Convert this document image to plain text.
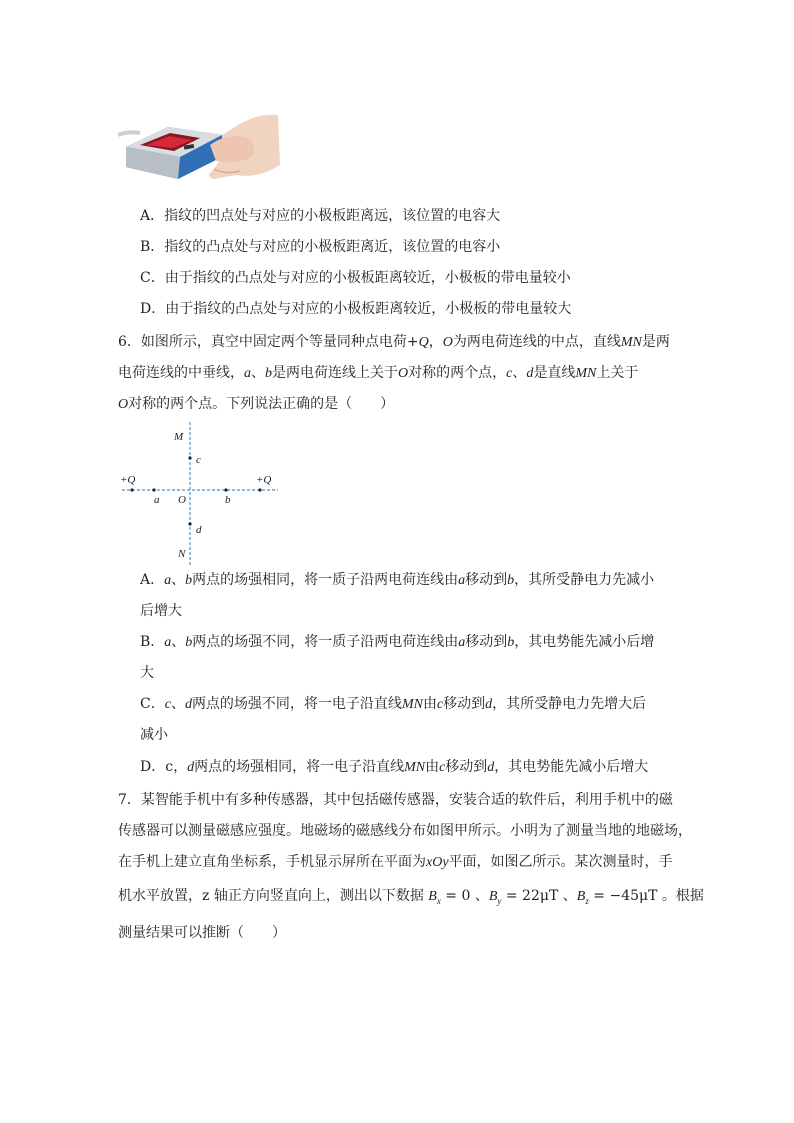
A．指纹的凹点处与对应的小极板距离远，该位置的电容大
B．指纹的凸点处与对应的小极板距离近，该位置的电容小
C．由于指纹的凸点处与对应的小极板距离较近，小极板的带电量较小
D．由于指纹的凸点处与对应的小极板距离较近，小极板的带电量较大
6．如图所示，真空中固定两个等量同种点电荷+Q，O为两电荷连线的中点，直线MN是两
电荷连线的中垂线，a、b是两电荷连线上关于O对称的两个点，c、d是直线MN上关于
O对称的两个点。下列说法正确的是（　　）
M
c
+Q	+Q
a O	b
d
N
A．a、b两点的场强相同，将一质子沿两电荷连线由a移动到b，其所受静电力先减小
后增大
B．a、b两点的场强不同，将一质子沿两电荷连线由a移动到b，其电势能先减小后增
大
C．c、d两点的场强不同，将一电子沿直线MN由c移动到d，其所受静电力先增大后
减小
D．c，d两点的场强相同，将一电子沿直线MN由c移动到d，其电势能先减小后增大
7．某智能手机中有多种传感器，其中包括磁传感器，安装合适的软件后，利用手机中的磁
传感器可以测量磁感应强度。地磁场的磁感线分布如图甲所示。小明为了测量当地的地磁场，
在手机上建立直角坐标系，手机显示屏所在平面为xOy平面，如图乙所示。某次测量时，手
机水平放置，z 轴正方向竖直向上，测出以下数据 $B_x = 0$ 、$B_y = 22\mu T$ 、$B_z = -45\mu T$ 。根据
测量结果可以推断（　　）
